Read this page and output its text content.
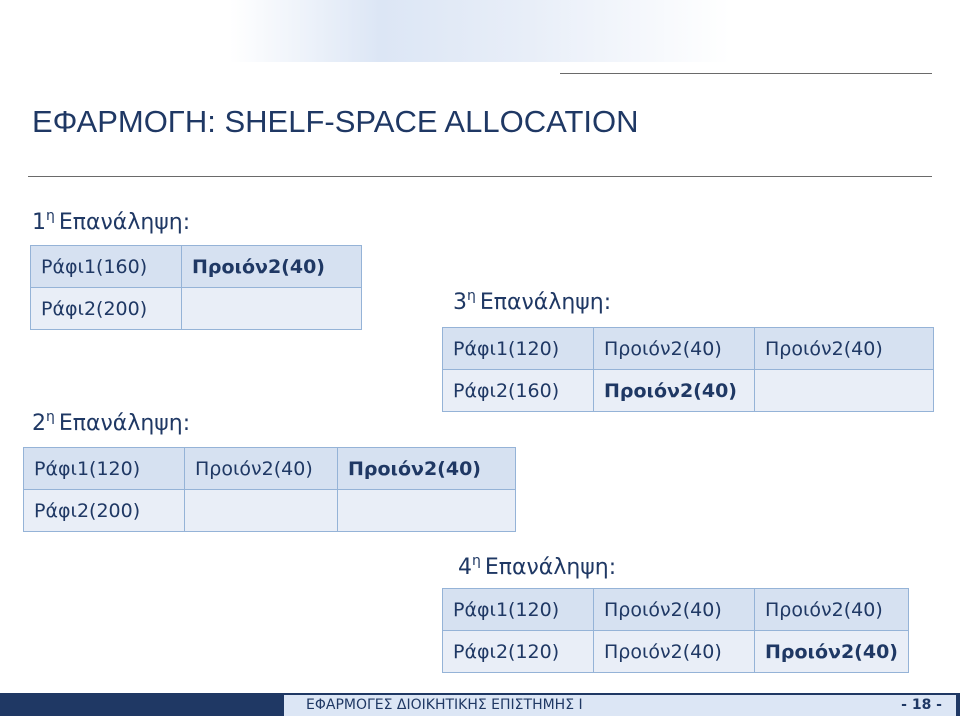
ΕΦΑΡΜΟΓΗ: SHELF-SPACE ALLOCATION
$1^\eta$ Επανάληψη:
Ράφι1(160)	Προιόν2(40)
Ράφι2(200)	
$2^\eta$ Επανάληψη:
Ράφι1(120)	Προιόν2(40)	Προιόν2(40)
Ράφι2(200)		
$3^\eta$ Επανάληψη:
Ράφι1(120)	Προιόν2(40)	Προιόν2(40)
Ράφι2(160)	Προιόν2(40)	
$4^\eta$ Επανάληψη:
Ράφι1(120)	Προιόν2(40)	Προιόν2(40)
Ράφι2(120)	Προιόν2(40)	Προιόν2(40)
ΕΦΑΡΜΟΓΕΣ ΔΙΟΙΚΗΤΙΚΗΣ ΕΠΙΣΤΗΜΗΣ Ι	- 18 -
